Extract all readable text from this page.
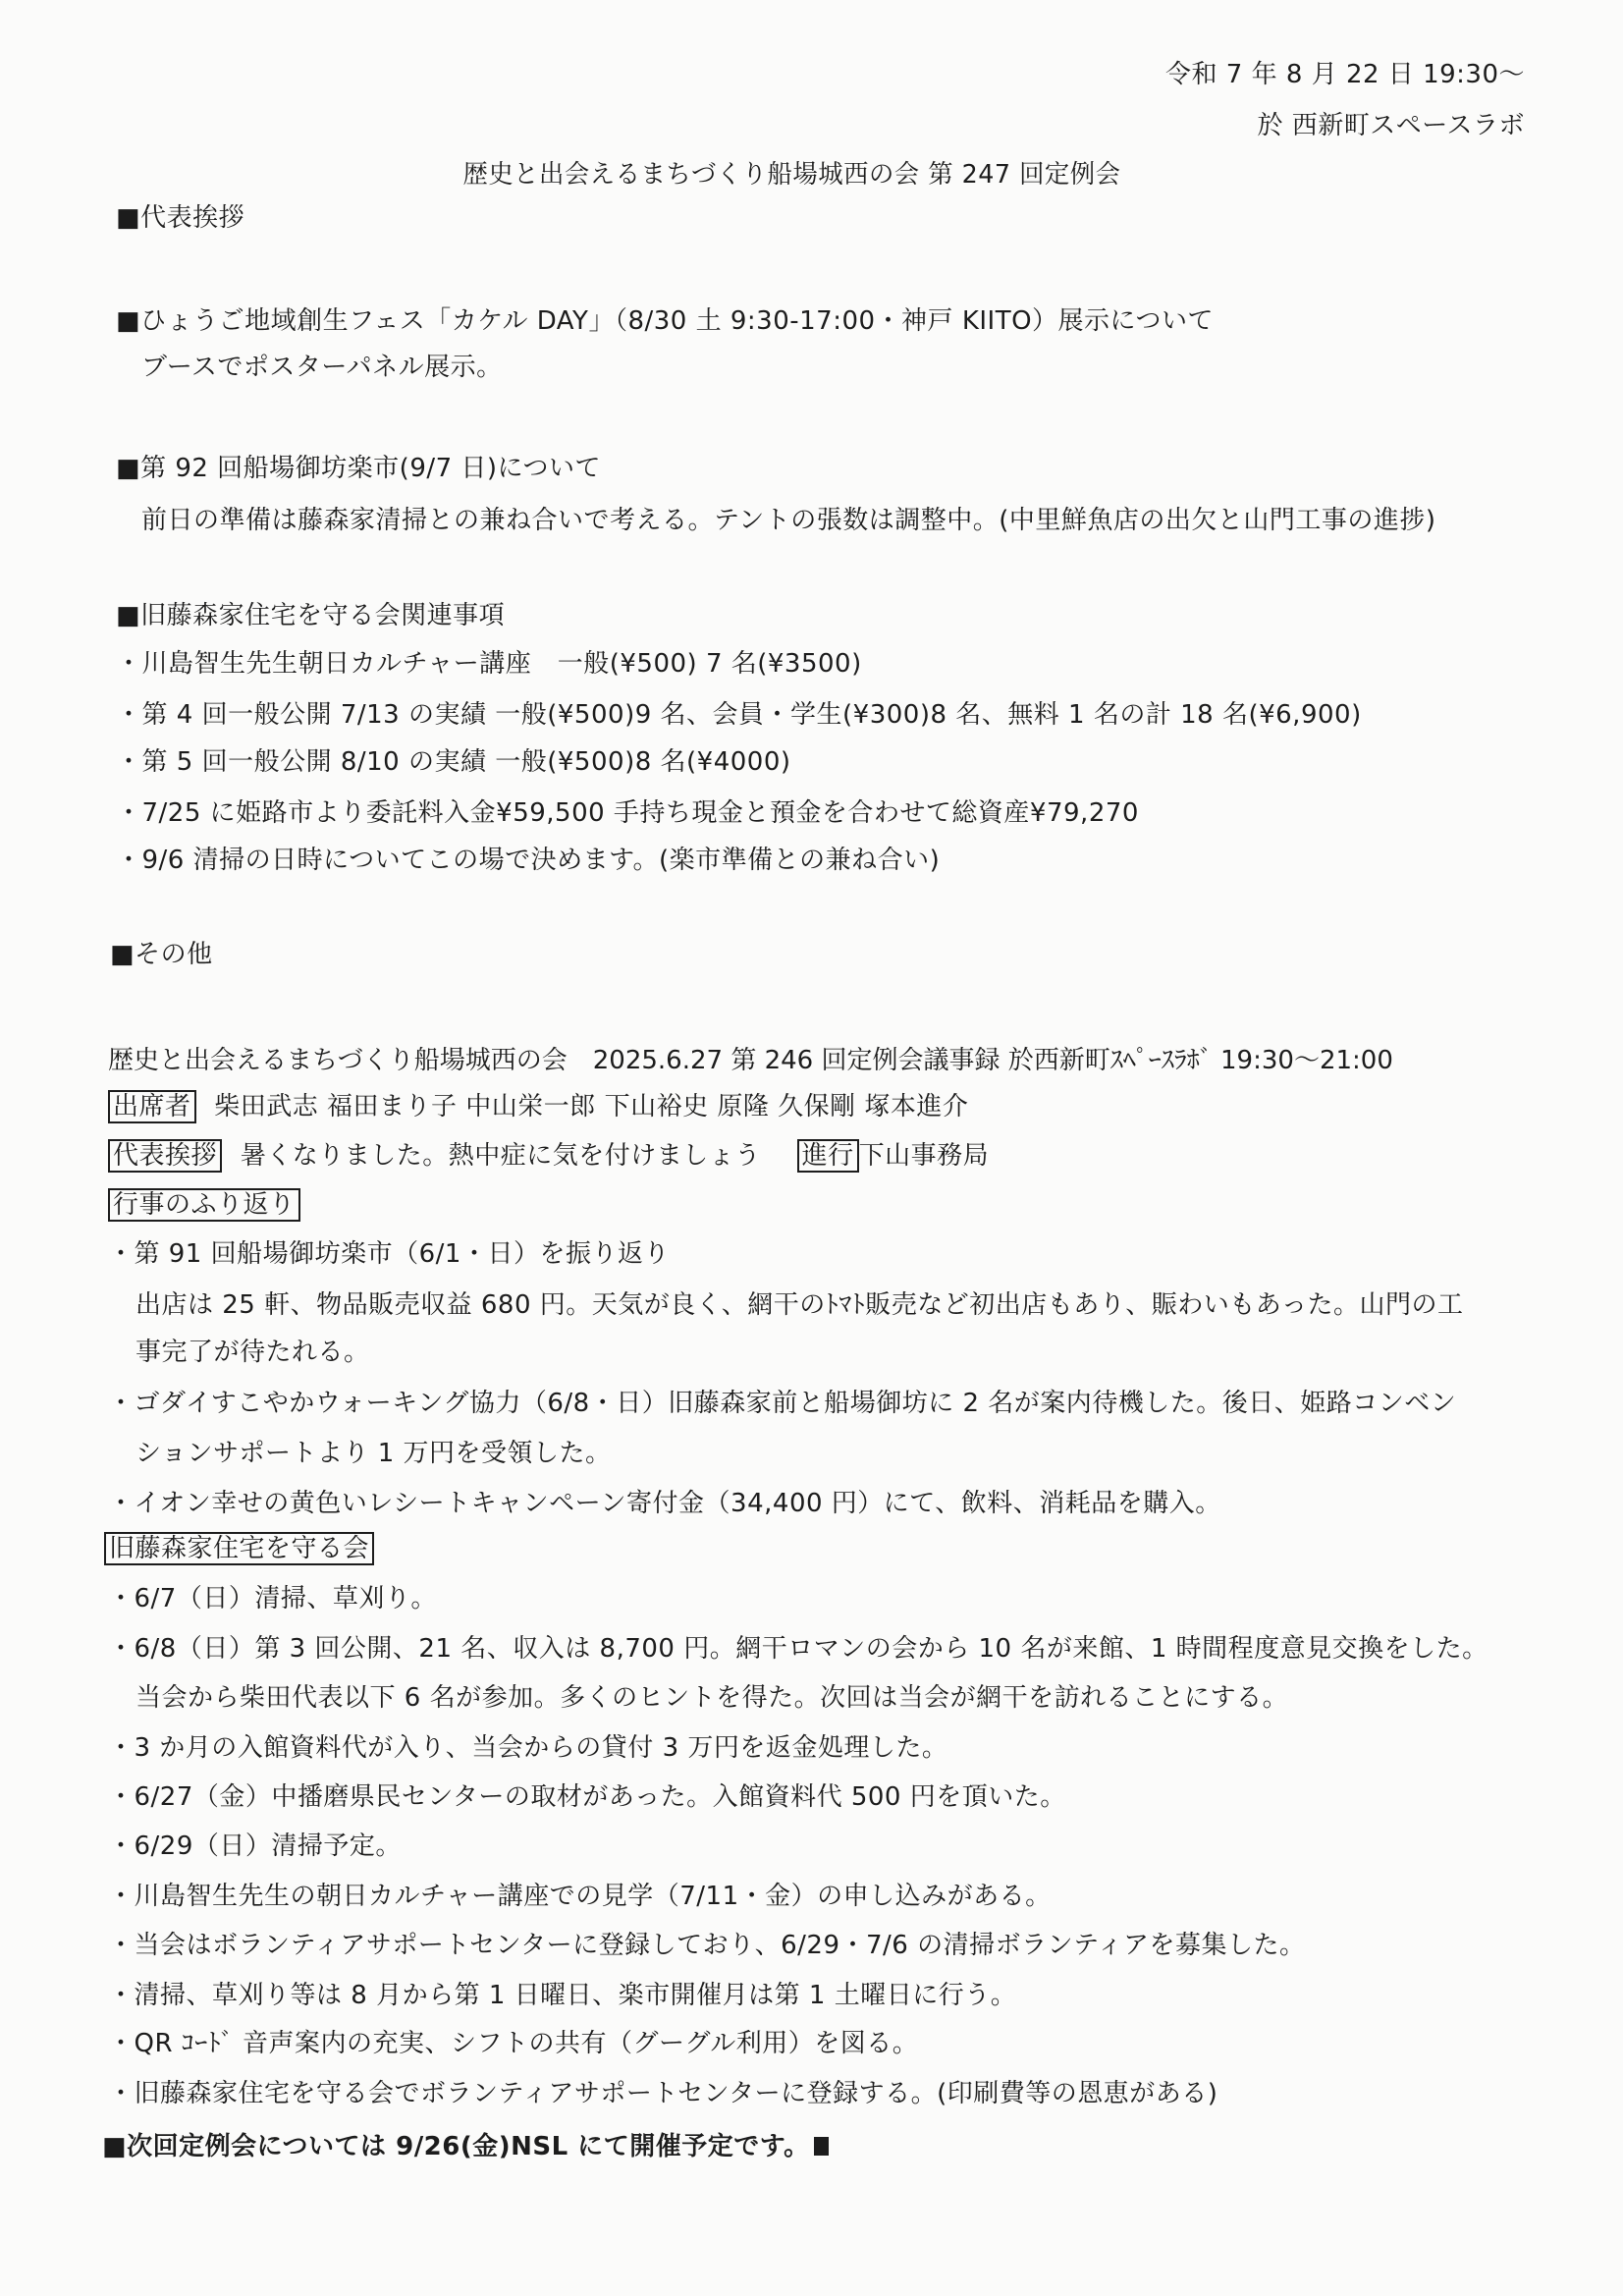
令和 7 年 8 月 22 日 19:30〜
於 西新町スペースラボ
歴史と出会えるまちづくり船場城西の会 第 247 回定例会
■代表挨拶
■ひょうご地域創生フェス「カケル DAY」（8/30 土 9:30-17:00・神戸 KIITO）展示について
ブースでポスターパネル展示。
■第 92 回船場御坊楽市(9/7 日)について
前日の準備は藤森家清掃との兼ね合いで考える。テントの張数は調整中。(中里鮮魚店の出欠と山門工事の進捗)
■旧藤森家住宅を守る会関連事項
・川島智生先生朝日カルチャー講座　一般(¥500) 7 名(¥3500)
・第 4 回一般公開 7/13 の実績 一般(¥500)9 名、会員・学生(¥300)8 名、無料 1 名の計 18 名(¥6,900)
・第 5 回一般公開 8/10 の実績 一般(¥500)8 名(¥4000)
・7/25 に姫路市より委託料入金¥59,500 手持ち現金と預金を合わせて総資産¥79,270
・9/6 清掃の日時についてこの場で決めます。(楽市準備との兼ね合い)
■その他
歴史と出会えるまちづくり船場城西の会　2025.6.27 第 246 回定例会議事録 於西新町ｽﾍﾟｰｽﾗﾎﾞ 19:30〜21:00
出席者 柴田武志 福田まり子 中山栄一郎 下山裕史 原隆 久保剛 塚本進介
代表挨拶 暑くなりました。熱中症に気を付けましょう 進行 下山事務局
行事のふり返り
・第 91 回船場御坊楽市（6/1・日）を振り返り
出店は 25 軒、物品販売収益 680 円。天気が良く、網干のﾄﾏﾄ販売など初出店もあり、賑わいもあった。山門の工
事完了が待たれる。
・ゴダイすこやかウォーキング協力（6/8・日）旧藤森家前と船場御坊に 2 名が案内待機した。後日、姫路コンベン
ションサポートより 1 万円を受領した。
・イオン幸せの黄色いレシートキャンペーン寄付金（34,400 円）にて、飲料、消耗品を購入。
旧藤森家住宅を守る会
・6/7（日）清掃、草刈り。
・6/8（日）第 3 回公開、21 名、収入は 8,700 円。網干ロマンの会から 10 名が来館、1 時間程度意見交換をした。
当会から柴田代表以下 6 名が参加。多くのヒントを得た。次回は当会が網干を訪れることにする。
・3 か月の入館資料代が入り、当会からの貸付 3 万円を返金処理した。
・6/27（金）中播磨県民センターの取材があった。入館資料代 500 円を頂いた。
・6/29（日）清掃予定。
・川島智生先生の朝日カルチャー講座での見学（7/11・金）の申し込みがある。
・当会はボランティアサポートセンターに登録しており、6/29・7/6 の清掃ボランティアを募集した。
・清掃、草刈り等は 8 月から第 1 日曜日、楽市開催月は第 1 土曜日に行う。
・QR ｺｰﾄﾞ 音声案内の充実、シフトの共有（グーグル利用）を図る。
・旧藤森家住宅を守る会でボランティアサポートセンターに登録する。(印刷費等の恩恵がある)
■次回定例会については 9/26(金)NSL にて開催予定です。
